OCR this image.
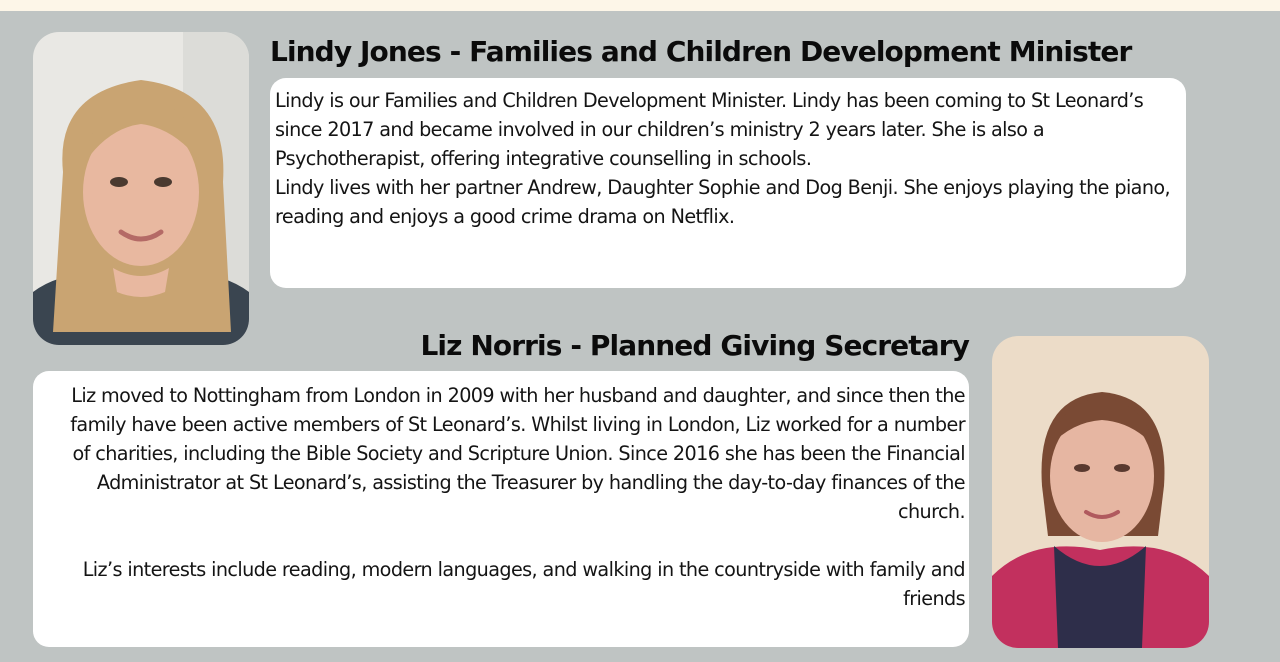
Lindy Jones - Families and Children Development Minister

Lindy is our Families and Children Development Minister. Lindy has been coming to St Leonard’s since 2017 and became involved in our children’s ministry 2 years later. She is also a Psychotherapist, offering integrative counselling in schools.

Lindy lives with her partner Andrew, Daughter Sophie and Dog Benji. She enjoys playing the piano, reading and enjoys a good crime drama on Netflix.

Liz Norris - Planned Giving Secretary

Liz moved to Nottingham from London in 2009 with her husband and daughter, and since then the family have been active members of St Leonard’s. Whilst living in London, Liz worked for a number of charities, including the Bible Society and Scripture Union. Since 2016 she has been the Financial Administrator at St Leonard’s, assisting the Treasurer by handling the day-to-day finances of the church.

Liz’s interests include reading, modern languages, and walking in the countryside with family and friends
